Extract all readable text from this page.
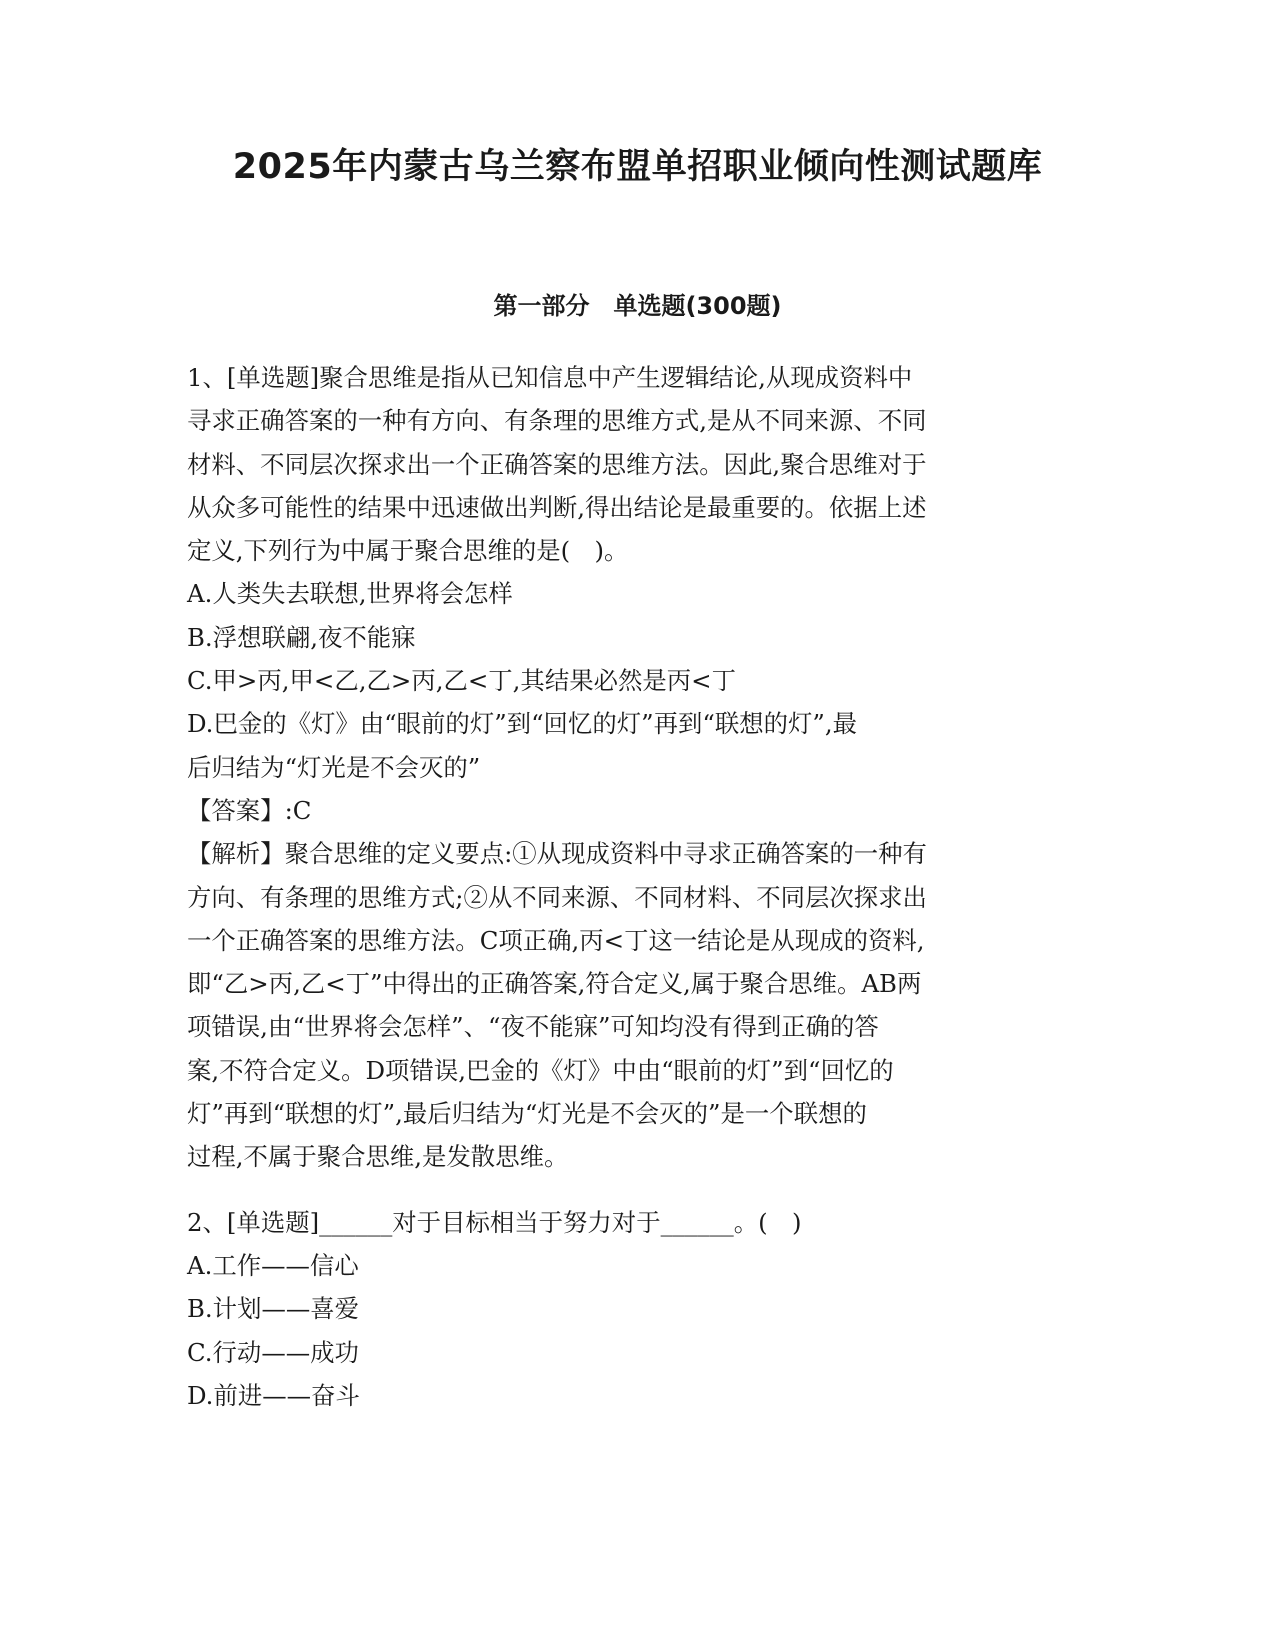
2025年内蒙古乌兰察布盟单招职业倾向性测试题库
第一部分　单选题(300题)
1、[单选题]聚合思维是指从已知信息中产生逻辑结论,从现成资料中
寻求正确答案的一种有方向、有条理的思维方式,是从不同来源、不同
材料、不同层次探求出一个正确答案的思维方法。因此,聚合思维对于
从众多可能性的结果中迅速做出判断,得出结论是最重要的。依据上述
定义,下列行为中属于聚合思维的是(　)。
A.人类失去联想,世界将会怎样
B.浮想联翩,夜不能寐
C.甲>丙,甲<乙,乙>丙,乙<丁,其结果必然是丙<丁
D.巴金的《灯》由“眼前的灯”到“回忆的灯”再到“联想的灯”,最
后归结为“灯光是不会灭的”
【答案】:C
【解析】聚合思维的定义要点:①从现成资料中寻求正确答案的一种有
方向、有条理的思维方式;②从不同来源、不同材料、不同层次探求出
一个正确答案的思维方法。C项正确,丙<丁这一结论是从现成的资料,
即“乙>丙,乙<丁”中得出的正确答案,符合定义,属于聚合思维。AB两
项错误,由“世界将会怎样”、“夜不能寐”可知均没有得到正确的答
案,不符合定义。D项错误,巴金的《灯》中由“眼前的灯”到“回忆的
灯”再到“联想的灯”,最后归结为“灯光是不会灭的”是一个联想的
过程,不属于聚合思维,是发散思维。
2、[单选题]______对于目标相当于努力对于______。(　)
A.工作——信心
B.计划——喜爱
C.行动——成功
D.前进——奋斗
